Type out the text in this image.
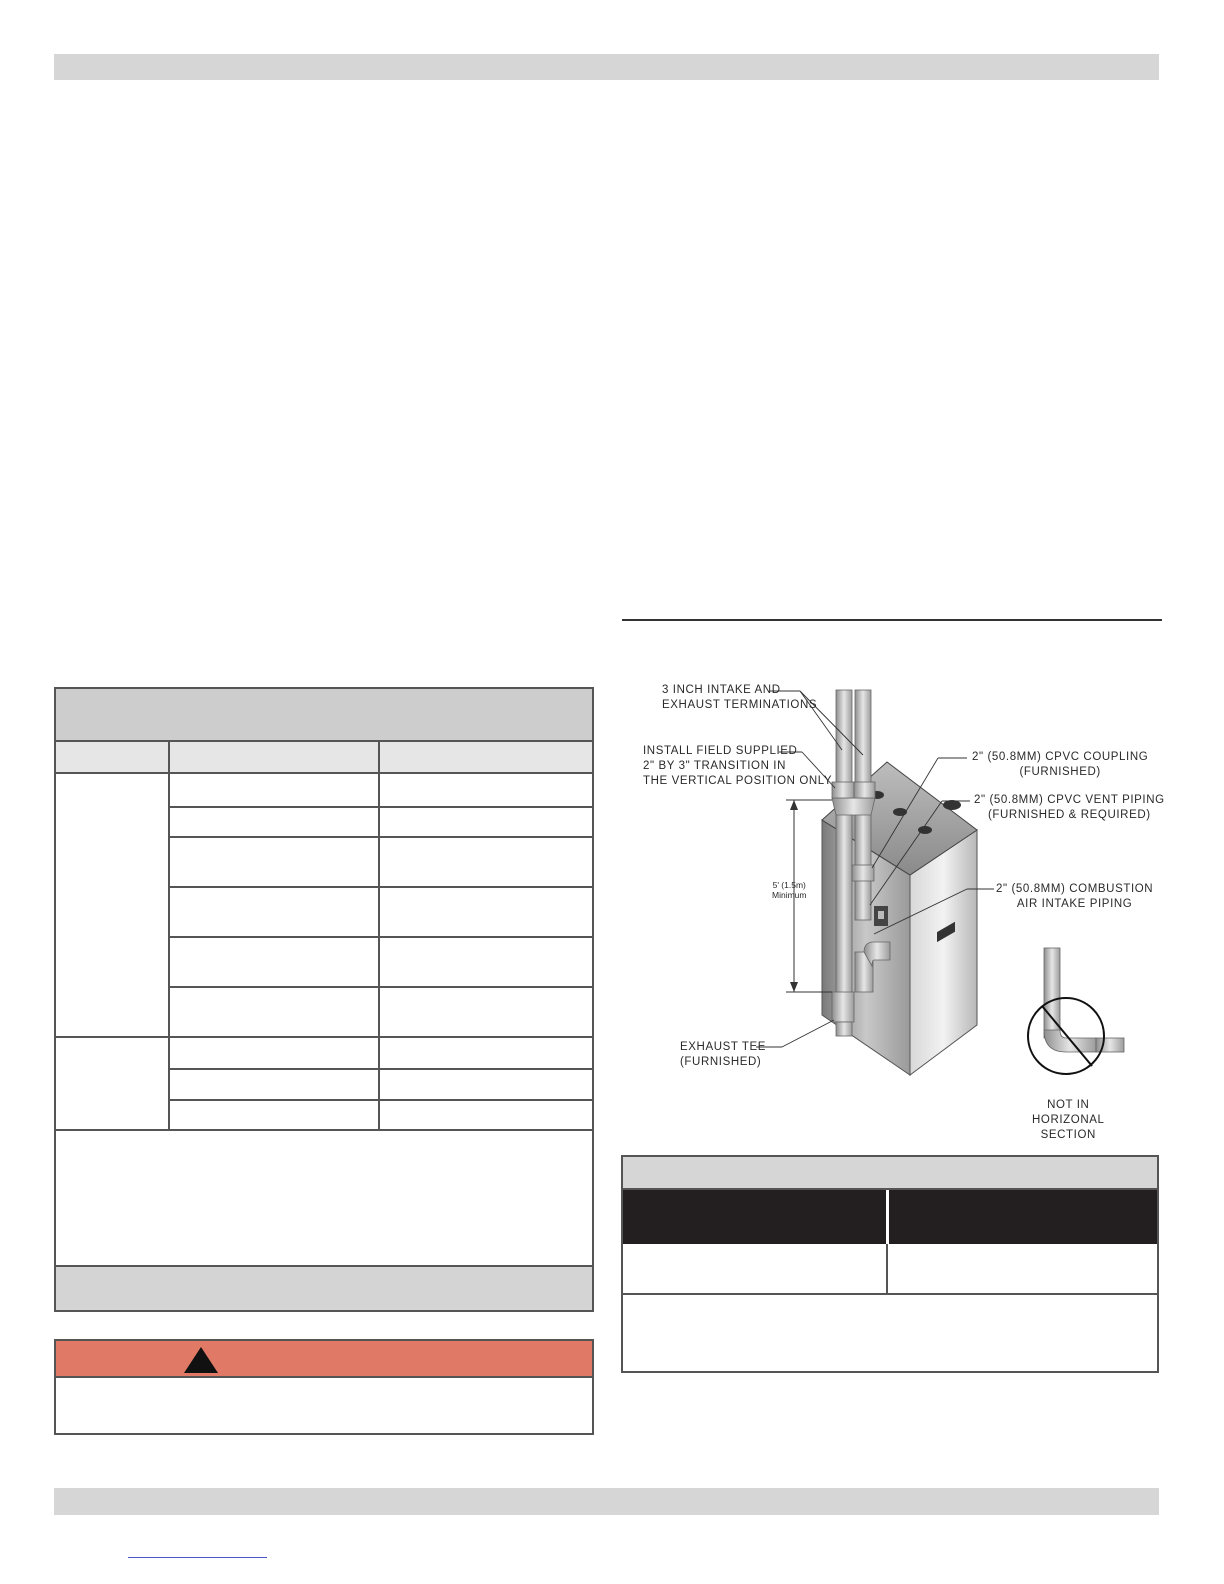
3 INCH INTAKE AND
EXHAUST TERMINATIONS
INSTALL FIELD SUPPLIED
2" BY 3" TRANSITION IN
THE VERTICAL POSITION ONLY
2" (50.8MM) CPVC COUPLING
(FURNISHED)
2" (50.8MM) CPVC VENT PIPING
(FURNISHED & REQUIRED)
5' (1.5m)
Minimum	2" (50.8MM) COMBUSTION
AIR INTAKE PIPING
EXHAUST TEE
(FURNISHED)
NOT IN
HORIZONAL
SECTION
